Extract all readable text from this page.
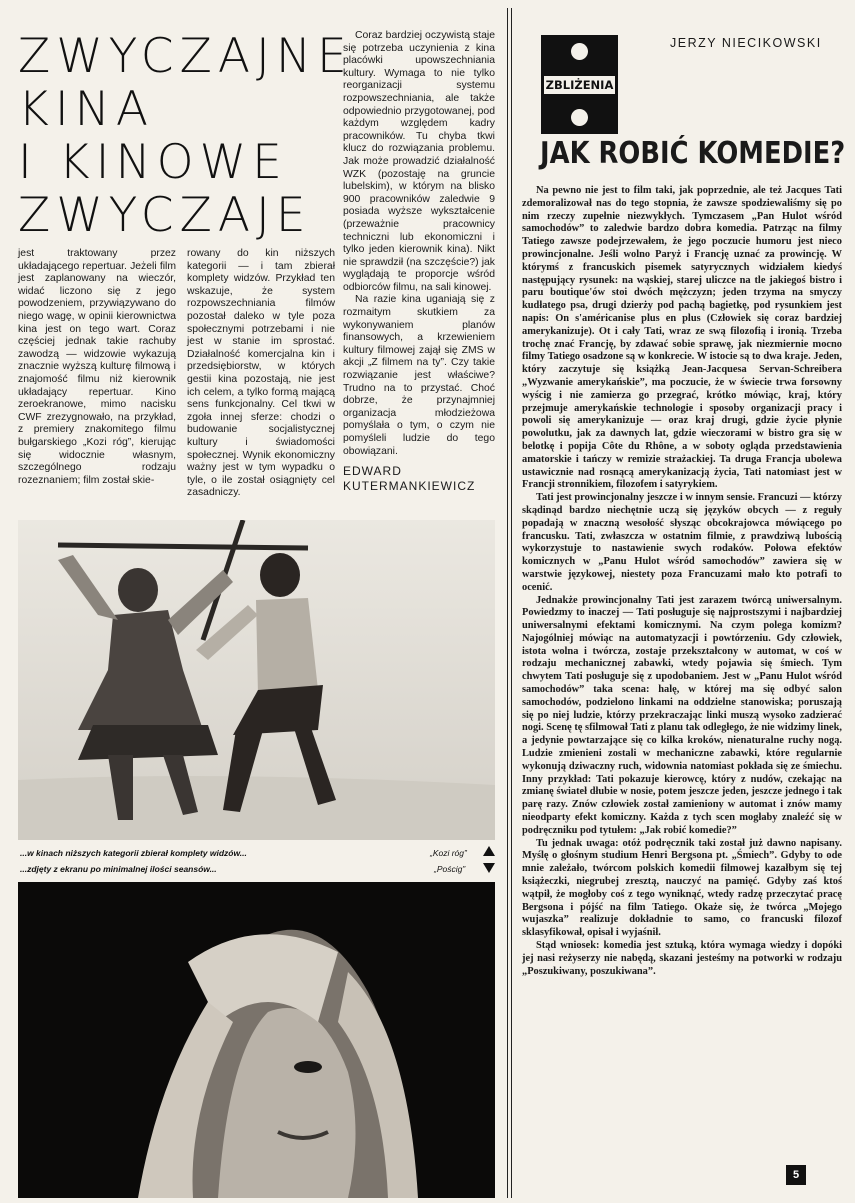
ZWYCZAJNE
KINA
I KINOWE
ZWYCZAJE

jest traktowany przez układającego repertuar. Jeżeli film jest zaplanowany na wieczór, widać liczono się z jego powodzeniem, przywiązywano do niego wagę, w opinii kierownictwa kina jest on tego wart. Coraz częściej jednak takie rachuby zawodzą — widzowie wykazują znacznie wyższą kulturę filmową i znajomość filmu niż kierownik układający repertuar. Kino zeroekranowe, mimo nacisku CWF zrezygnowało, na przykład, z premiery znakomitego filmu bułgarskiego „Kozi róg”, kierując się widocznie własnym, szczególnego rodzaju rozeznaniem; film został skie-

rowany do kin niższych kategorii — i tam zbierał komplety widzów. Przykład ten wskazuje, że system rozpowszechniania filmów pozostał daleko w tyle poza społecznymi potrzebami i nie jest w stanie im sprostać. Działalność komercjalna kin i przedsiębiorstw, w których gestii kina pozostają, nie jest ich celem, a tylko formą mającą sens funkcjonalny. Cel tkwi w zgoła innej sferze: chodzi o budowanie socjalistycznej kultury i świadomości społecznej. Wynik ekonomiczny ważny jest w tym wypadku o tyle, o ile został osiągnięty cel zasadniczy.

Coraz bardziej oczywistą staje się potrzeba uczynienia z kina placówki upowszechniania kultury. Wymaga to nie tylko reorganizacji systemu rozpowszechniania, ale także odpowiednio przygotowanej, pod każdym względem kadry pracowników. Tu chyba tkwi klucz do rozwiązania problemu. Jak może prowadzić działalność WZK (pozostaję na gruncie lubelskim), w którym na blisko 900 pracowników zaledwie 9 posiada wyższe wykształcenie (przeważnie pracownicy techniczni lub ekonomiczni i tylko jeden kierownik kina). Nikt nie sprawdził (na szczęście?) jak wyglądają te proporcje wśród odbiorców filmu, na sali kinowej.

Na razie kina uganiają się z rozmaitym skutkiem za wykonywaniem planów finansowych, a krzewieniem kultury filmowej zajął się ZMS w akcji „Z filmem na ty”. Czy takie rozwiązanie jest właściwe? Trudno na to przystać. Choć dobrze, że przynajmniej organizacja młodzieżowa pomyślała o tym, o czym nie pomyśleli ludzie do tego obowiązani.

EDWARD KUTERMANKIEWICZ
...w kinach niższych kategorii zbierał komplety widzów...
...zdjęty z ekranu po minimalnej ilości seansów...
„Kozi róg”
„Pościg”
ZBLIŻENIA
JERZY NIECIKOWSKI
JAK ROBIĆ KOMEDIE?

Na pewno nie jest to film taki, jak poprzednie, ale też Jacques Tati zdemoralizował nas do tego stopnia, że zawsze spodziewaliśmy się po nim rzeczy zupełnie niezwykłych. Tymczasem „Pan Hulot wśród samochodów” to zaledwie bardzo dobra komedia. Patrząc na filmy Tatiego zawsze podejrzewałem, że jego poczucie humoru jest nieco prowincjonalne. Jeśli wolno Paryż i Francję uznać za prowincję. W którymś z francuskich pisemek satyrycznych widziałem kiedyś następujący rysunek: na wąskiej, starej uliczce na tle jakiegoś bistro i paru boutique'ów stoi dwóch mężczyzn; jeden trzyma na smyczy kudłatego psa, drugi dzierży pod pachą bagietkę, pod rysunkiem jest napis: On s'américanise plus en plus (Człowiek się coraz bardziej amerykanizuje). Ot i cały Tati, wraz ze swą filozofią i ironią. Trzeba trochę znać Francję, by zdawać sobie sprawę, jak niezmiernie mocno filmy Tatiego osadzone są w konkrecie. W istocie są to dwa kraje. Jeden, który zaczytuje się książką Jean-Jacquesa Servan-Schreibera „Wyzwanie amerykańskie”, ma poczucie, że w świecie trwa forsowny wyścig i nie zamierza go przegrać, krótko mówiąc, kraj, który przejmuje amerykańskie technologie i sposoby organizacji pracy i powoli się amerykanizuje — oraz kraj drugi, gdzie życie płynie powolutku, jak za dawnych lat, gdzie wieczorami w bistro gra się w belotkę i popija Côte du Rhône, a w soboty ogląda przedstawienia amatorskie i tańczy w remizie strażackiej. Ta druga Francja ubolewa ustawicznie nad rosnącą amerykanizacją życia, Tati natomiast jest w Francji stronnikiem, filozofem i satyrykiem.

Tati jest prowincjonalny jeszcze i w innym sensie. Francuzi — którzy skądinąd bardzo niechętnie uczą się języków obcych — z reguły popadają w znaczną wesołość słysząc obcokrajowca mówiącego po francusku. Tati, zwłaszcza w ostatnim filmie, z prawdziwą lubością wykorzystuje to nastawienie swych rodaków. Połowa efektów komicznych w „Panu Hulot wśród samochodów” zawiera się w warstwie językowej, niestety poza Francuzami mało kto potrafi to ocenić.

Jednakże prowincjonalny Tati jest zarazem twórcą uniwersalnym. Powiedzmy to inaczej — Tati posługuje się najprostszymi i najbardziej uniwersalnymi efektami komicznymi. Na czym polega komizm? Najogólniej mówiąc na automatyzacji i powtórzeniu. Gdy człowiek, istota wolna i twórcza, zostaje przekształcony w automat, w coś w rodzaju mechanicznej zabawki, wtedy pojawia się śmiech. Tym chwytem Tati posługuje się z upodobaniem. Jest w „Panu Hulot wśród samochodów” taka scena: halę, w której ma się odbyć salon samochodów, podzielono linkami na oddzielne stanowiska; poruszają się po niej ludzie, którzy przekraczając linki muszą wysoko zadzierać nogi. Scenę tę sfilmował Tati z planu tak odległego, że nie widzimy linek, a jedynie powtarzające się co kilka kroków, nienaturalne ruchy nogą. Ludzie zmienieni zostali w mechaniczne zabawki, które regularnie wykonują dziwaczny ruch, widownia natomiast pokłada się ze śmiechu. Inny przykład: Tati pokazuje kierowcę, który z nudów, czekając na zmianę świateł dłubie w nosie, potem jeszcze jeden, jeszcze jednego i tak parę razy. Znów człowiek został zamieniony w automat i znów mamy nieodparty efekt komiczny. Każda z tych scen mogłaby znaleźć się w podręczniku pod tytułem: „Jak robić komedie?”

Tu jednak uwaga: otóż podręcznik taki został już dawno napisany. Myślę o głośnym studium Henri Bergsona pt. „Śmiech”. Gdyby to ode mnie zależało, twórcom polskich komedii filmowej kazałbym się tej książeczki, niegrubej zresztą, nauczyć na pamięć. Gdyby zaś ktoś wątpił, że mogłoby coś z tego wyniknąć, wtedy radzę przeczytać pracę Bergsona i pójść na film Tatiego. Okaże się, że twórca „Mojego wujaszka” realizuje dokładnie to samo, co francuski filozof sklasyfikował, opisał i wyjaśnił.

Stąd wniosek: komedia jest sztuką, która wymaga wiedzy i dopóki jej nasi reżyserzy nie nabędą, skazani jesteśmy na potworki w rodzaju „Poszukiwany, poszukiwana”.

5
